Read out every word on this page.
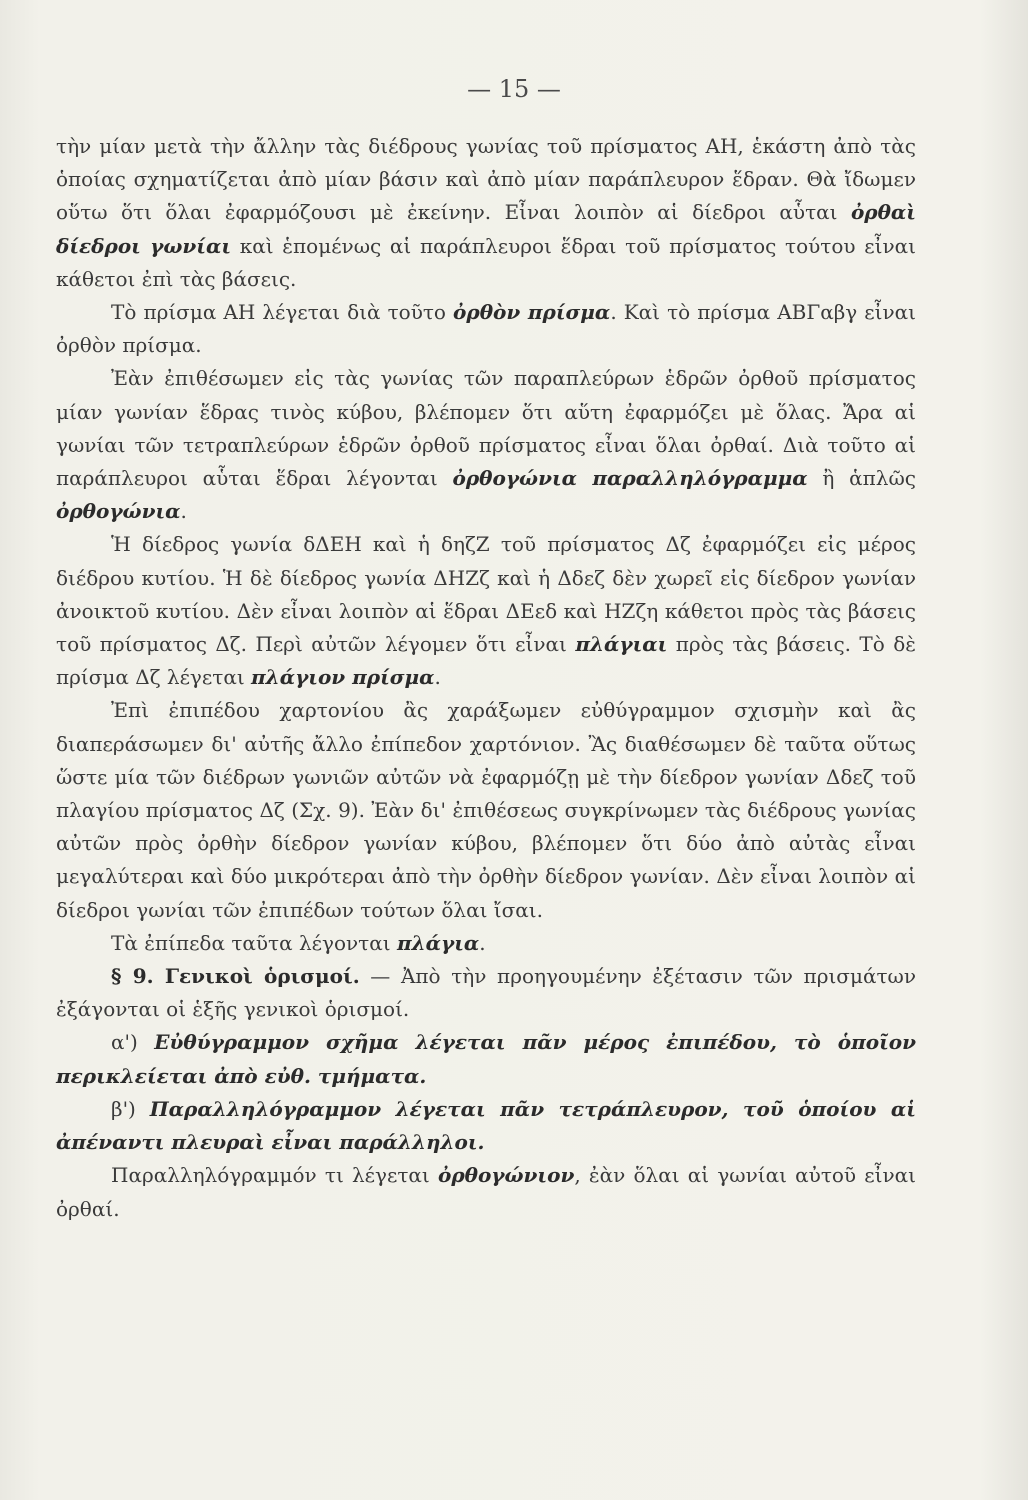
— 15 —

τὴν μίαν μετὰ τὴν ἄλλην τὰς διέδρους γωνίας τοῦ πρίσματος ΑΗ, ἑκάστη ἀπὸ τὰς ὁποίας σχηματίζεται ἀπὸ μίαν βάσιν καὶ ἀπὸ μίαν παράπλευρον ἕδραν. Θὰ ἴδωμεν οὕτω ὅτι ὅλαι ἐφαρμόζουσι μὲ ἐκείνην. Εἶναι λοιπὸν αἱ δίεδροι αὗται ὀρθαὶ δίεδροι γωνίαι καὶ ἑπομένως αἱ παράπλευροι ἕδραι τοῦ πρίσματος τούτου εἶναι κάθετοι ἐπὶ τὰς βάσεις.

Τὸ πρίσμα ΑΗ λέγεται διὰ τοῦτο ὀρθὸν πρίσμα. Καὶ τὸ πρίσμα ΑΒΓαβγ εἶναι ὀρθὸν πρίσμα.

Ἐὰν ἐπιθέσωμεν εἰς τὰς γωνίας τῶν παραπλεύρων ἑδρῶν ὀρθοῦ πρίσματος μίαν γωνίαν ἕδρας τινὸς κύβου, βλέπομεν ὅτι αὕτη ἐφαρμόζει μὲ ὅλας. Ἄρα αἱ γωνίαι τῶν τετραπλεύρων ἑδρῶν ὀρθοῦ πρίσματος εἶναι ὅλαι ὀρθαί. Διὰ τοῦτο αἱ παράπλευροι αὗται ἕδραι λέγονται ὀρθογώνια παραλληλόγραμμα ἢ ἁπλῶς ὀρθογώνια.

Ἡ δίεδρος γωνία δΔΕΗ καὶ ἡ δηζΖ τοῦ πρίσματος Δζ ἐφαρμόζει εἰς μέρος διέδρου κυτίου. Ἡ δὲ δίεδρος γωνία ΔΗΖζ καὶ ἡ Δδεζ δὲν χωρεῖ εἰς δίεδρον γωνίαν ἀνοικτοῦ κυτίου. Δὲν εἶναι λοιπὸν αἱ ἕδραι ΔΕεδ καὶ ΗΖζη κάθετοι πρὸς τὰς βάσεις τοῦ πρίσματος Δζ. Περὶ αὐτῶν λέγομεν ὅτι εἶναι πλάγιαι πρὸς τὰς βάσεις. Τὸ δὲ πρίσμα Δζ λέγεται πλάγιον πρίσμα.

Ἐπὶ ἐπιπέδου χαρτονίου ἂς χαράξωμεν εὐθύγραμμον σχισμὴν καὶ ἂς διαπεράσωμεν δι' αὐτῆς ἄλλο ἐπίπεδον χαρτόνιον. Ἂς διαθέσωμεν δὲ ταῦτα οὕτως ὥστε μία τῶν διέδρων γωνιῶν αὐτῶν νὰ ἐφαρμόζῃ μὲ τὴν δίεδρον γωνίαν Δδεζ τοῦ πλαγίου πρίσματος Δζ (Σχ. 9). Ἐὰν δι' ἐπιθέσεως συγκρίνωμεν τὰς διέδρους γωνίας αὐτῶν πρὸς ὀρθὴν δίεδρον γωνίαν κύβου, βλέπομεν ὅτι δύο ἀπὸ αὐτὰς εἶναι μεγαλύτεραι καὶ δύο μικρότεραι ἀπὸ τὴν ὀρθὴν δίεδρον γωνίαν. Δὲν εἶναι λοιπὸν αἱ δίεδροι γωνίαι τῶν ἐπιπέδων τούτων ὅλαι ἴσαι.

Τὰ ἐπίπεδα ταῦτα λέγονται πλάγια.

§ 9. Γενικοὶ ὁρισμοί. — Ἀπὸ τὴν προηγουμένην ἐξέτασιν τῶν πρισμάτων ἐξάγονται οἱ ἑξῆς γενικοὶ ὁρισμοί.

α') Εὐθύγραμμον σχῆμα λέγεται πᾶν μέρος ἐπιπέδου, τὸ ὁποῖον περικλείεται ἀπὸ εὐθ. τμήματα.

β') Παραλληλόγραμμον λέγεται πᾶν τετράπλευρον, τοῦ ὁποίου αἱ ἀπέναντι πλευραὶ εἶναι παράλληλοι.

Παραλληλόγραμμόν τι λέγεται ὀρθογώνιον, ἐὰν ὅλαι αἱ γωνίαι αὐτοῦ εἶναι ὀρθαί.
